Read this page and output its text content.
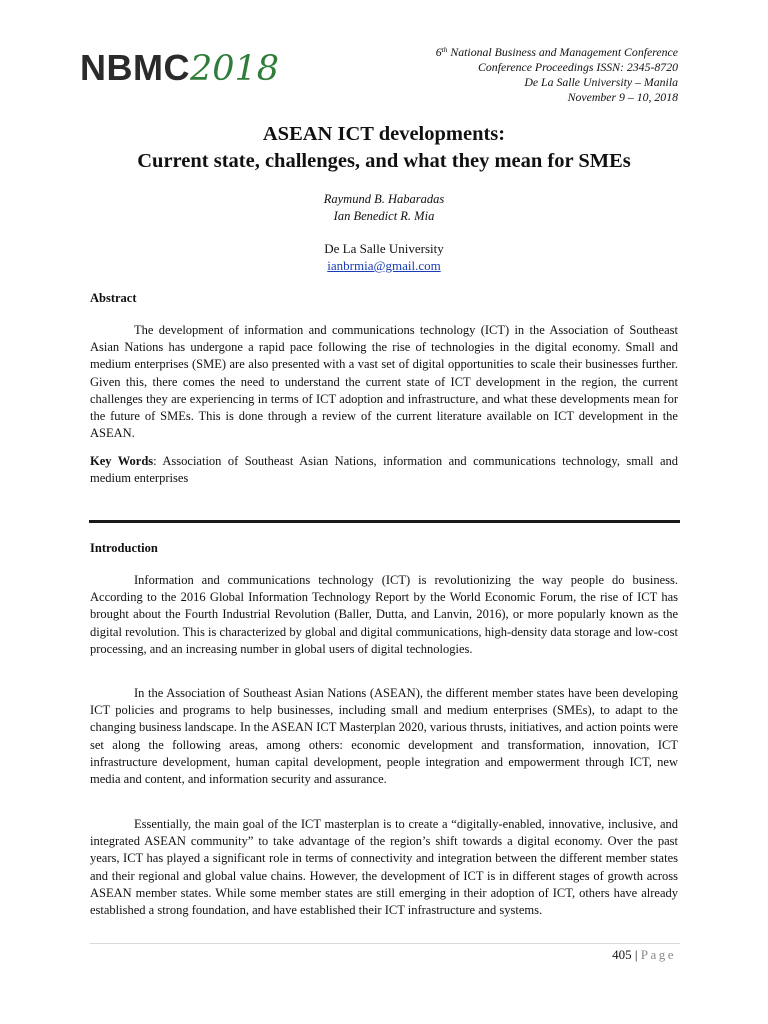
NBMC2018	6th National Business and Management Conference
Conference Proceedings ISSN: 2345-8720
De La Salle University – Manila
November 9 – 10, 2018
ASEAN ICT developments:
Current state, challenges, and what they mean for SMEs
Raymund B. Habaradas
Ian Benedict R. Mia
De La Salle University
ianbrmia@gmail.com
Abstract

The development of information and communications technology (ICT) in the Association of Southeast Asian Nations has undergone a rapid pace following the rise of technologies in the digital economy. Small and medium enterprises (SME) are also presented with a vast set of digital opportunities to scale their businesses further. Given this, there comes the need to understand the current state of ICT development in the region, the current challenges they are experiencing in terms of ICT adoption and infrastructure, and what these developments mean for the future of SMEs. This is done through a review of the current literature available on ICT development in the ASEAN.

Key Words: Association of Southeast Asian Nations, information and communications technology, small and medium enterprises

Introduction

Information and communications technology (ICT) is revolutionizing the way people do business. According to the 2016 Global Information Technology Report by the World Economic Forum, the rise of ICT has brought about the Fourth Industrial Revolution (Baller, Dutta, and Lanvin, 2016), or more popularly known as the digital revolution. This is characterized by global and digital communications, high-density data storage and low-cost processing, and an increasing number in global users of digital technologies.

In the Association of Southeast Asian Nations (ASEAN), the different member states have been developing ICT policies and programs to help businesses, including small and medium enterprises (SMEs), to adapt to the changing business landscape. In the ASEAN ICT Masterplan 2020, various thrusts, initiatives, and action points were set along the following areas, among others: economic development and transformation, innovation, ICT infrastructure development, human capital development, people integration and empowerment through ICT, new media and content, and information security and assurance.

Essentially, the main goal of the ICT masterplan is to create a “digitally-enabled, innovative, inclusive, and integrated ASEAN community” to take advantage of the region’s shift towards a digital economy. Over the past years, ICT has played a significant role in terms of connectivity and integration between the different member states and their regional and global value chains. However, the development of ICT is in different stages of growth across ASEAN member states. While some member states are still emerging in their adoption of ICT, others have already established a strong foundation, and have established their ICT infrastructure and systems.

405 | Page
